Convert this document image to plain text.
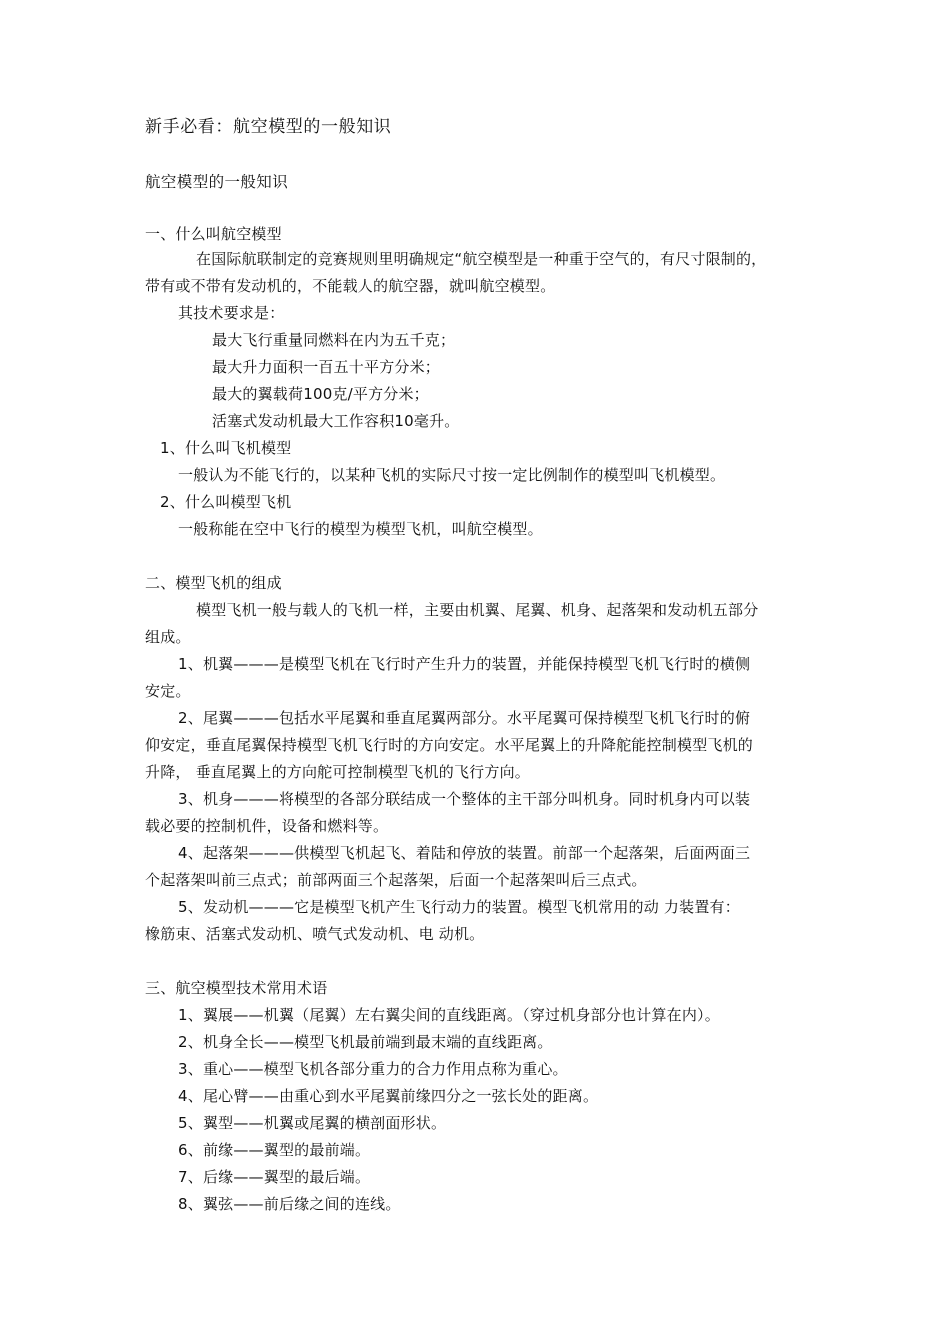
新手必看：航空模型的一般知识
航空模型的一般知识
一、什么叫航空模型
在国际航联制定的竞赛规则里明确规定“航空模型是一种重于空气的，有尺寸限制的，
带有或不带有发动机的，不能载人的航空器，就叫航空模型。
其技术要求是：
最大飞行重量同燃料在内为五千克；
最大升力面积一百五十平方分米；
最大的翼载荷100克/平方分米；
活塞式发动机最大工作容积10毫升。
1、什么叫飞机模型
一般认为不能飞行的，以某种飞机的实际尺寸按一定比例制作的模型叫飞机模型。
2、什么叫模型飞机
一般称能在空中飞行的模型为模型飞机，叫航空模型。
二、模型飞机的组成
模型飞机一般与载人的飞机一样，主要由机翼、尾翼、机身、起落架和发动机五部分
组成。
1、机翼———是模型飞机在飞行时产生升力的装置，并能保持模型飞机飞行时的横侧
安定。
2、尾翼———包括水平尾翼和垂直尾翼两部分。水平尾翼可保持模型飞机飞行时的俯
仰安定，垂直尾翼保持模型飞机飞行时的方向安定。水平尾翼上的升降舵能控制模型飞机的
升降， 垂直尾翼上的方向舵可控制模型飞机的飞行方向。
3、机身———将模型的各部分联结成一个整体的主干部分叫机身。同时机身内可以装
载必要的控制机件，设备和燃料等。
4、起落架———供模型飞机起飞、着陆和停放的装置。前部一个起落架，后面两面三
个起落架叫前三点式；前部两面三个起落架，后面一个起落架叫后三点式。
5、发动机———它是模型飞机产生飞行动力的装置。模型飞机常用的动 力装置有：
橡筋束、活塞式发动机、喷气式发动机、电 动机。
三、航空模型技术常用术语
1、翼展——机翼（尾翼）左右翼尖间的直线距离。（穿过机身部分也计算在内）。
2、机身全长——模型飞机最前端到最末端的直线距离。
3、重心——模型飞机各部分重力的合力作用点称为重心。
4、尾心臂——由重心到水平尾翼前缘四分之一弦长处的距离。
5、翼型——机翼或尾翼的横剖面形状。
6、前缘——翼型的最前端。
7、后缘——翼型的最后端。
8、翼弦——前后缘之间的连线。
